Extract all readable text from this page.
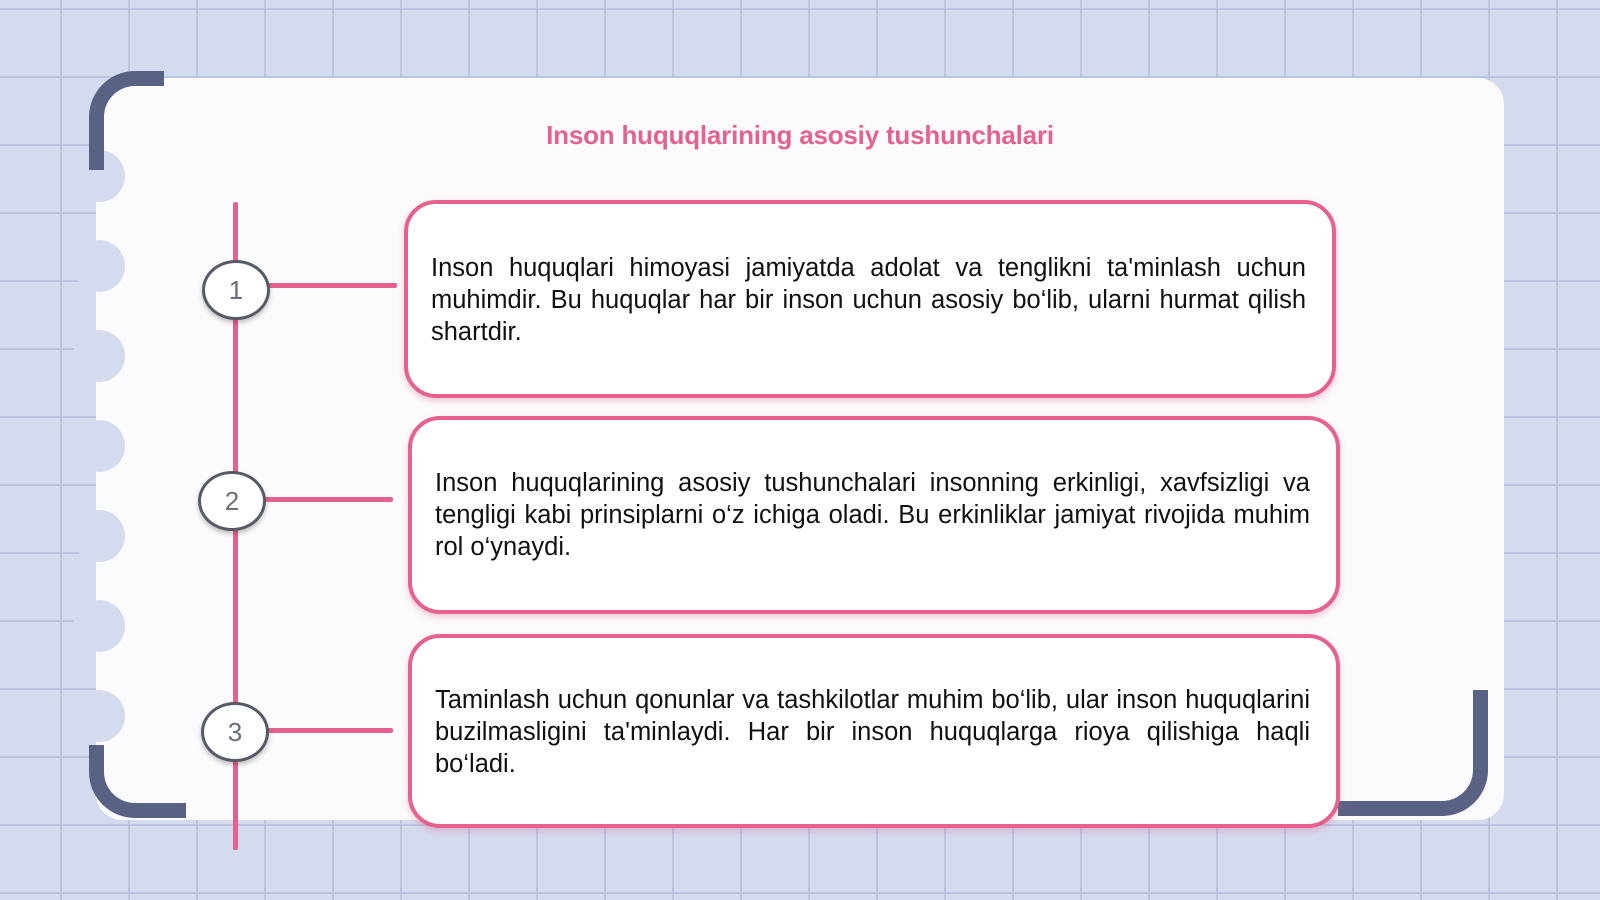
Inson huquqlarining asosiy tushunchalari
1
Inson huquqlari himoyasi jamiyatda adolat va tenglikni ta'minlash uchun muhimdir. Bu huquqlar har bir inson uchun asosiy bo‘lib, ularni hurmat qilish shartdir.
2
Inson huquqlarining asosiy tushunchalari insonning erkinligi, xavfsizligi va tengligi kabi prinsiplarni o‘z ichiga oladi. Bu erkinliklar jamiyat rivojida muhim rol o‘ynaydi.
3
Taminlash uchun qonunlar va tashkilotlar muhim bo‘lib, ular inson huquqlarini buzilmasligini ta'minlaydi. Har bir inson huquqlarga rioya qilishiga haqli bo‘ladi.
